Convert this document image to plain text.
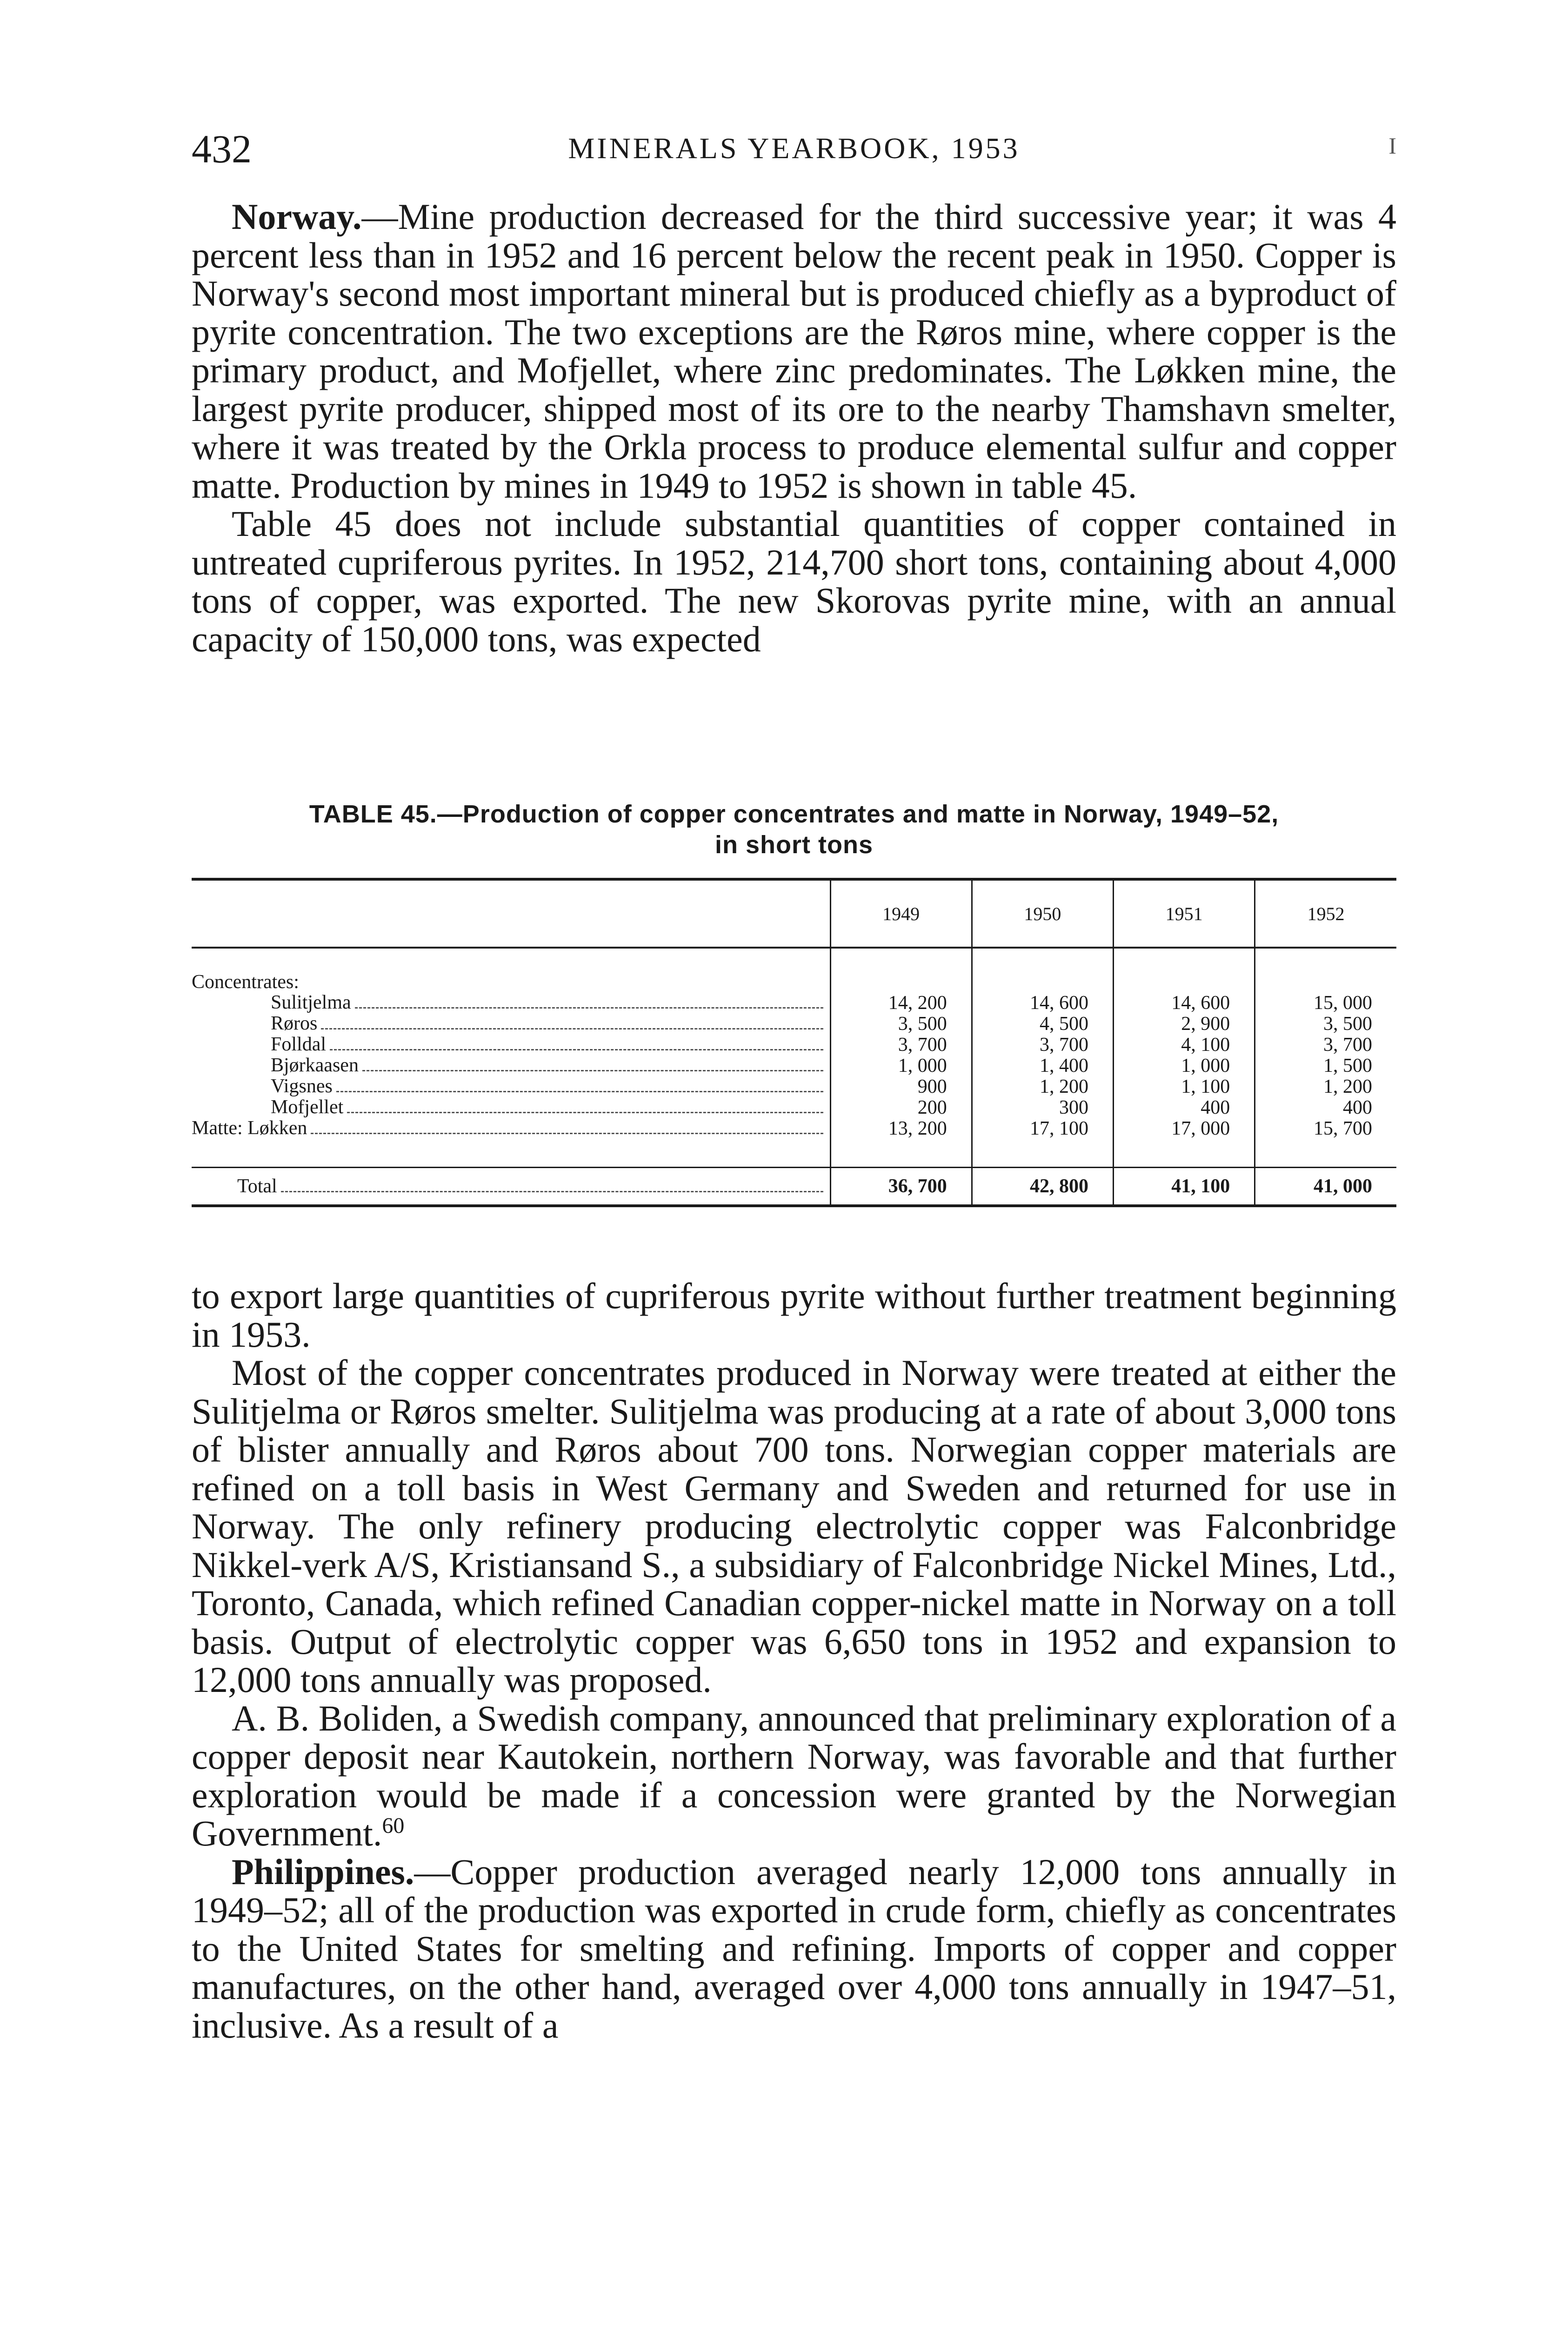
432	MINERALS YEARBOOK, 1953	I

Norway.—Mine production decreased for the third successive year; it was 4 percent less than in 1952 and 16 percent below the recent peak in 1950. Copper is Norway's second most important mineral but is produced chiefly as a byproduct of pyrite concentration. The two exceptions are the Røros mine, where copper is the primary product, and Mofjellet, where zinc predominates. The Løkken mine, the largest pyrite producer, shipped most of its ore to the nearby Thamshavn smelter, where it was treated by the Orkla process to produce elemental sulfur and copper matte. Production by mines in 1949 to 1952 is shown in table 45.

Table 45 does not include substantial quantities of copper contained in untreated cupriferous pyrites. In 1952, 214,700 short tons, containing about 4,000 tons of copper, was exported. The new Skorovas pyrite mine, with an annual capacity of 150,000 tons, was expected

TABLE 45.—Production of copper concentrates and matte in Norway, 1949–52,
in short tons
	1949	1950	1951	1952

Concentrates:				

Sulitjelma	14, 200	14, 600	14, 600	15, 000

Røros	3, 500	4, 500	2, 900	3, 500

Folldal	3, 700	3, 700	4, 100	3, 700

Bjørkaasen	1, 000	1, 400	1, 000	1, 500

Vigsnes	900	1, 200	1, 100	1, 200

Mofjellet	200	300	400	400

Matte: Løkken	13, 200	17, 100	17, 000	15, 700

Total	36, 700	42, 800	41, 100	41, 000

to export large quantities of cupriferous pyrite without further treatment beginning in 1953.

Most of the copper concentrates produced in Norway were treated at either the Sulitjelma or Røros smelter. Sulitjelma was producing at a rate of about 3,000 tons of blister annually and Røros about 700 tons. Norwegian copper materials are refined on a toll basis in West Germany and Sweden and returned for use in Norway. The only refinery producing electrolytic copper was Falconbridge Nikkel-verk A/S, Kristiansand S., a subsidiary of Falconbridge Nickel Mines, Ltd., Toronto, Canada, which refined Canadian copper-nickel matte in Norway on a toll basis. Output of electrolytic copper was 6,650 tons in 1952 and expansion to 12,000 tons annually was proposed.

A. B. Boliden, a Swedish company, announced that preliminary exploration of a copper deposit near Kautokein, northern Norway, was favorable and that further exploration would be made if a concession were granted by the Norwegian Government.$^{60}$

Philippines.—Copper production averaged nearly 12,000 tons annually in 1949–52; all of the production was exported in crude form, chiefly as concentrates to the United States for smelting and refining. Imports of copper and copper manufactures, on the other hand, averaged over 4,000 tons annually in 1947–51, inclusive. As a result of a
